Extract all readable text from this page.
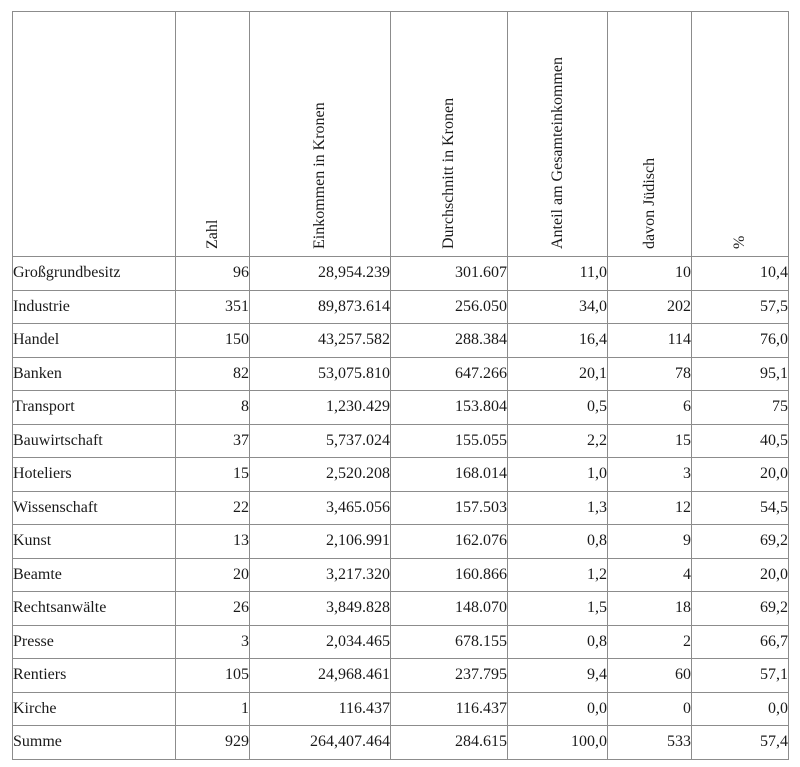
	Zahl	Einkommen in Kronen	Durchschnitt in Kronen	Anteil am Gesamteinkommen	davon Jüdisch	%

Großgrundbesitz	96	28,954.239	301.607	11,0	10	10,4
Industrie	351	89,873.614	256.050	34,0	202	57,5
Handel	150	43,257.582	288.384	16,4	114	76,0
Banken	82	53,075.810	647.266	20,1	78	95,1
Transport	8	1,230.429	153.804	0,5	6	75
Bauwirtschaft	37	5,737.024	155.055	2,2	15	40,5
Hoteliers	15	2,520.208	168.014	1,0	3	20,0
Wissenschaft	22	3,465.056	157.503	1,3	12	54,5
Kunst	13	2,106.991	162.076	0,8	9	69,2
Beamte	20	3,217.320	160.866	1,2	4	20,0
Rechtsanwälte	26	3,849.828	148.070	1,5	18	69,2
Presse	3	2,034.465	678.155	0,8	2	66,7
Rentiers	105	24,968.461	237.795	9,4	60	57,1
Kirche	1	116.437	116.437	0,0	0	0,0
Summe	929	264,407.464	284.615	100,0	533	57,4
